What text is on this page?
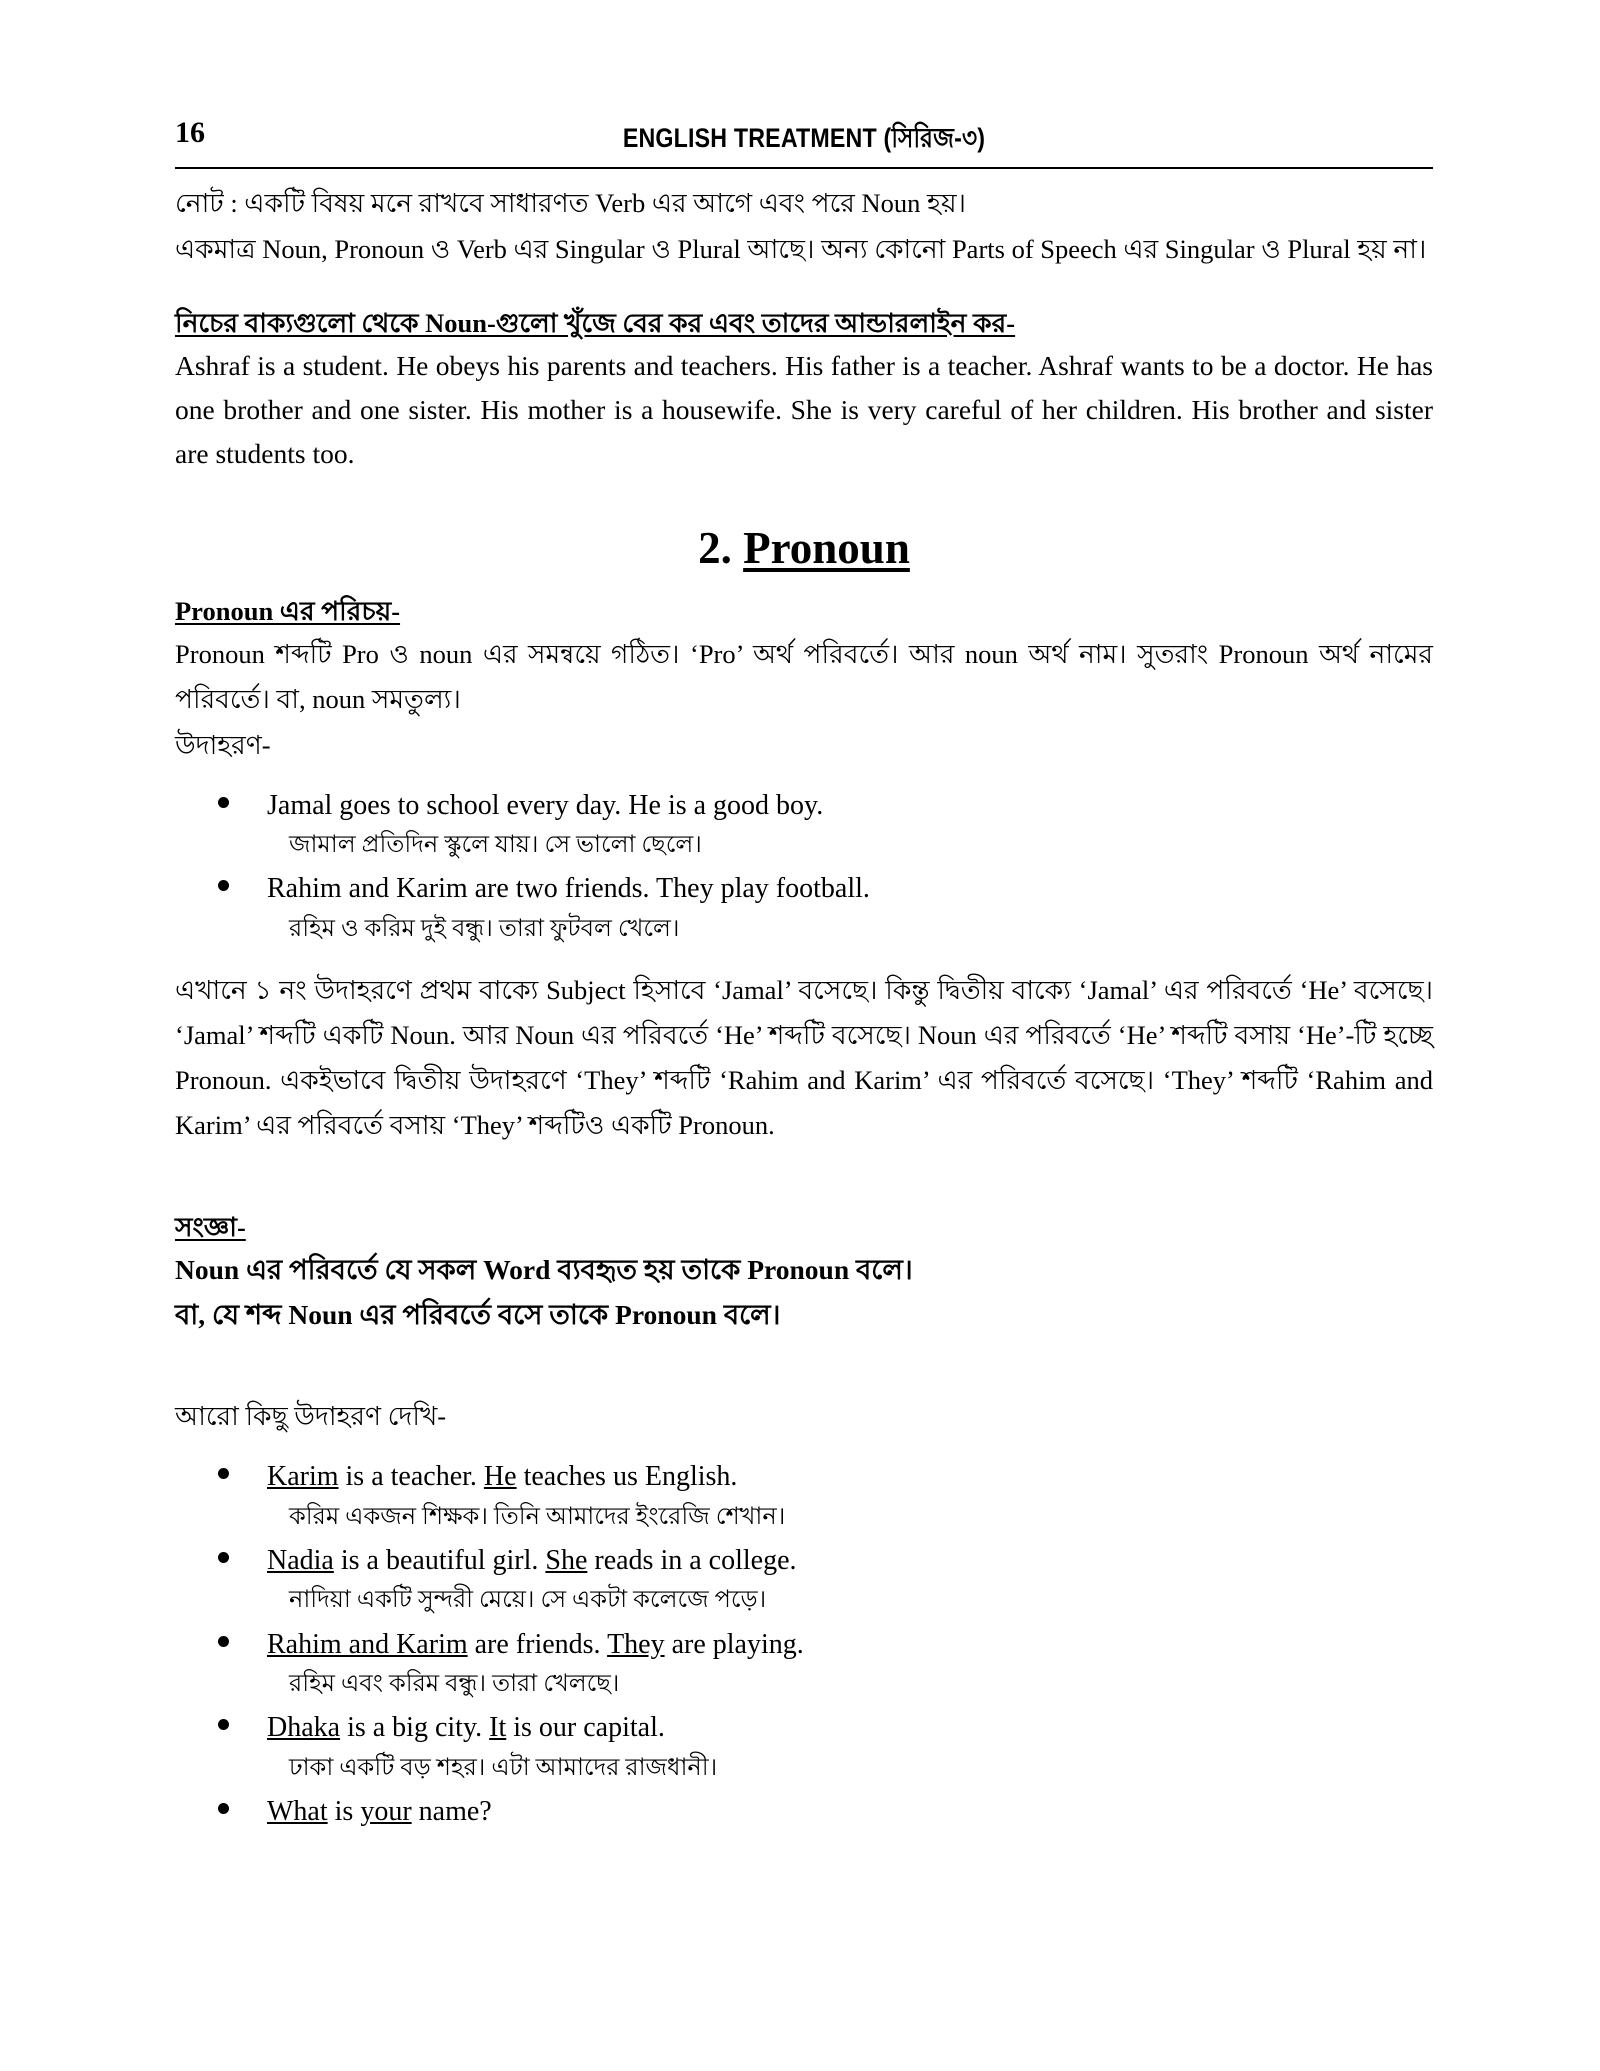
16	ENGLISH TREATMENT (সিরিজ-৩)

নোট : একটি বিষয় মনে রাখবে সাধারণত Verb এর আগে এবং পরে Noun হয়।

একমাত্র Noun, Pronoun ও Verb এর Singular ও Plural আছে। অন্য কোনো Parts of Speech এর Singular ও Plural হয় না।

নিচের বাক্যগুলো থেকে Noun-গুলো খুঁজে বের কর এবং তাদের আন্ডারলাইন কর-

Ashraf is a student. He obeys his parents and teachers. His father is a teacher. Ashraf wants to be a doctor. He has one brother and one sister. His mother is a housewife. She is very careful of her children. His brother and sister are students too.

2. Pronoun
Pronoun এর পরিচয়-

Pronoun শব্দটি Pro ও noun এর সমন্বয়ে গঠিত। ‘Pro’ অর্থ পরিবর্তে। আর noun অর্থ নাম। সুতরাং Pronoun অর্থ নামের পরিবর্তে। বা, noun সমতুল্য।

উদাহরণ-

Jamal goes to school every day. He is a good boy.

জামাল প্রতিদিন স্কুলে যায়। সে ভালো ছেলে।

Rahim and Karim are two friends. They play football.

রহিম ও করিম দুই বন্ধু। তারা ফুটবল খেলে।

এখানে ১ নং উদাহরণে প্রথম বাক্যে Subject হিসাবে ‘Jamal’ বসেছে। কিন্তু দ্বিতীয় বাক্যে ‘Jamal’ এর পরিবর্তে ‘He’ বসেছে। ‘Jamal’ শব্দটি একটি Noun. আর Noun এর পরিবর্তে ‘He’ শব্দটি বসেছে। Noun এর পরিবর্তে ‘He’ শব্দটি বসায় ‘He’-টি হচ্ছে Pronoun. একইভাবে দ্বিতীয় উদাহরণে ‘They’ শব্দটি ‘Rahim and Karim’ এর পরিবর্তে বসেছে। ‘They’ শব্দটি ‘Rahim and Karim’ এর পরিবর্তে বসায় ‘They’ শব্দটিও একটি Pronoun.

সংজ্ঞা-

Noun এর পরিবর্তে যে সকল Word ব্যবহৃত হয় তাকে Pronoun বলে।

বা, যে শব্দ Noun এর পরিবর্তে বসে তাকে Pronoun বলে।

আরো কিছু উদাহরণ দেখি-

Karim is a teacher. He teaches us English.

করিম একজন শিক্ষক। তিনি আমাদের ইংরেজি শেখান।

Nadia is a beautiful girl. She reads in a college.

নাদিয়া একটি সুন্দরী মেয়ে। সে একটা কলেজে পড়ে।

Rahim and Karim are friends. They are playing.

রহিম এবং করিম বন্ধু। তারা খেলছে।

Dhaka is a big city. It is our capital.

ঢাকা একটি বড় শহর। এটা আমাদের রাজধানী।

What is your name?
